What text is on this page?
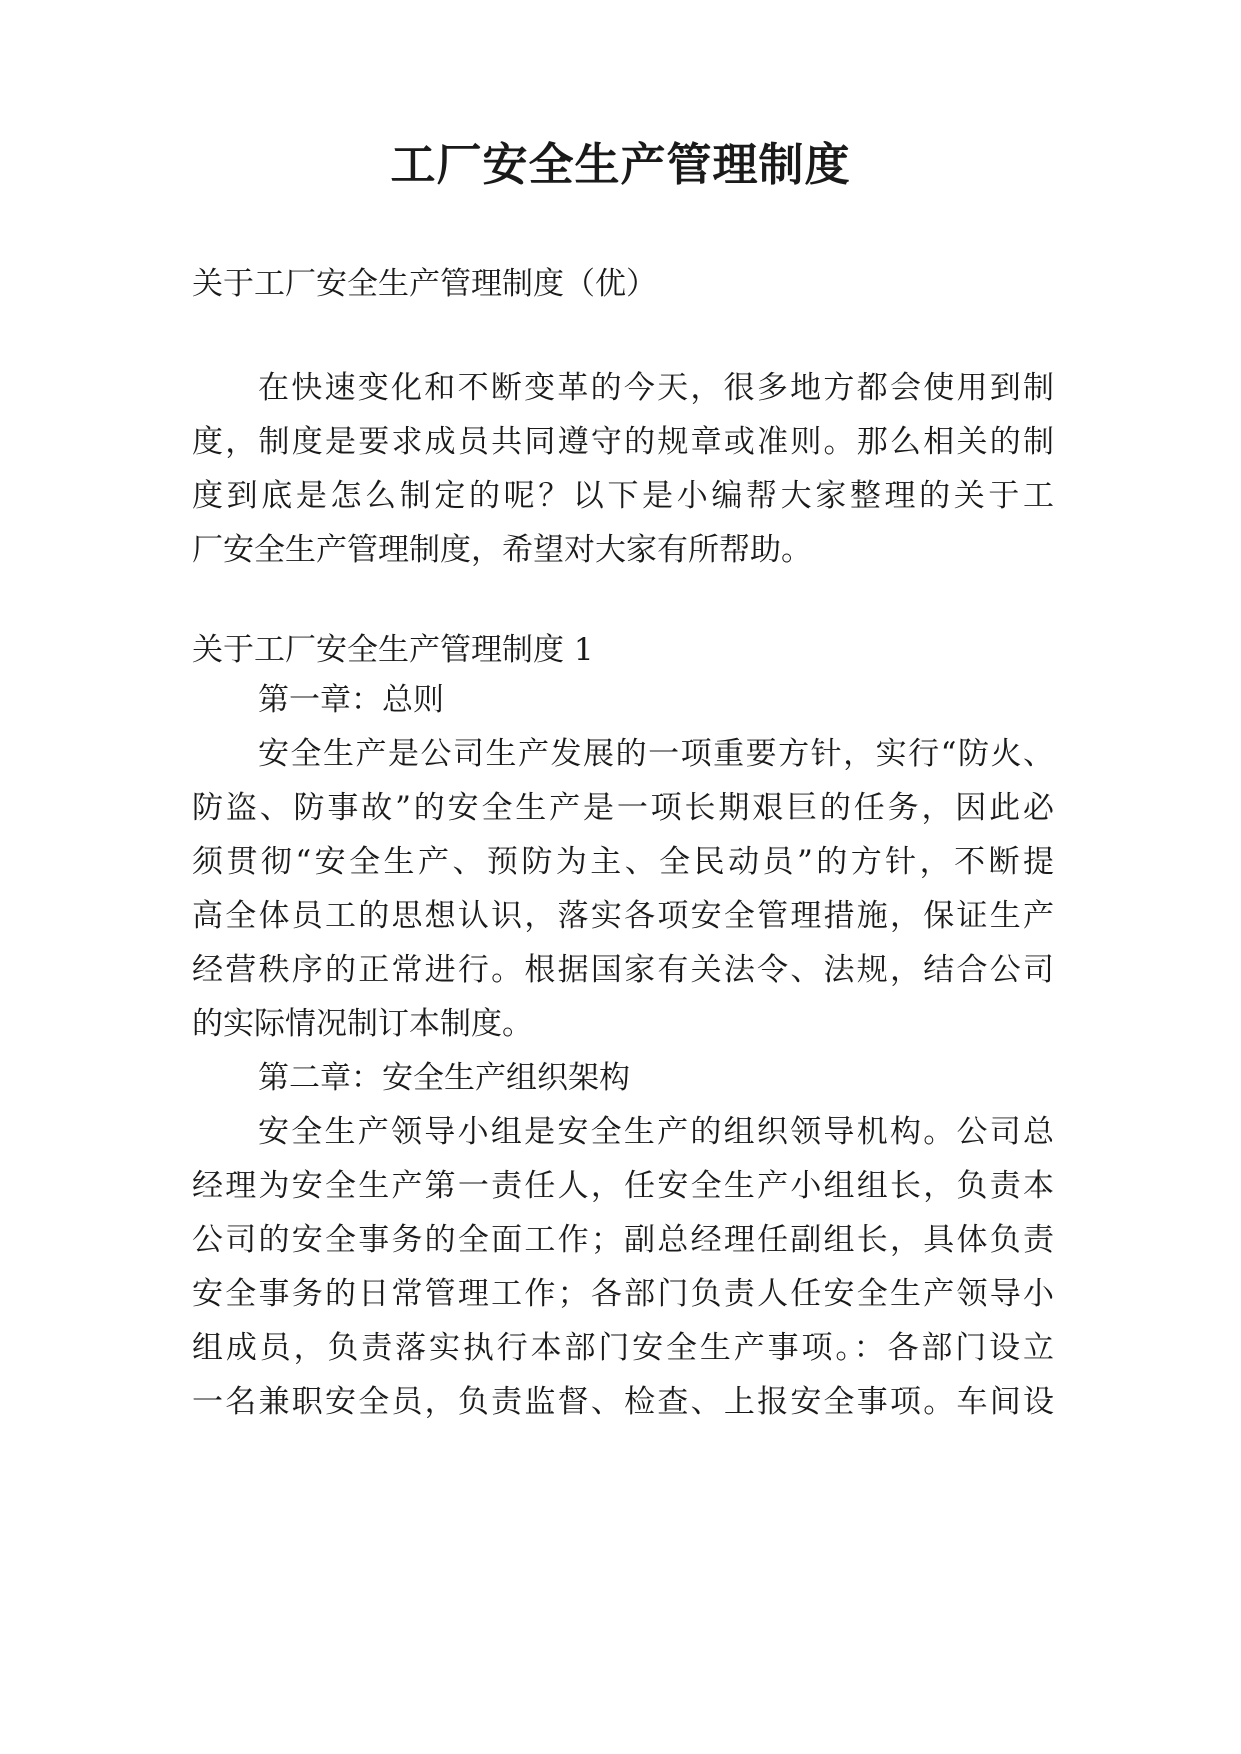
工厂安全生产管理制度
关于工厂安全生产管理制度（优）
在快速变化和不断变革的今天，很多地方都会使用到制
度，制度是要求成员共同遵守的规章或准则。那么相关的制
度到底是怎么制定的呢？以下是小编帮大家整理的关于工
厂安全生产管理制度，希望对大家有所帮助。
关于工厂安全生产管理制度 1
第一章：总则
安全生产是公司生产发展的一项重要方针，实行“防火、
防盗、防事故”的安全生产是一项长期艰巨的任务，因此必
须贯彻“安全生产、预防为主、全民动员”的方针，不断提
高全体员工的思想认识，落实各项安全管理措施，保证生产
经营秩序的正常进行。根据国家有关法令、法规，结合公司
的实际情况制订本制度。
第二章：安全生产组织架构
安全生产领导小组是安全生产的组织领导机构。公司总
经理为安全生产第一责任人，任安全生产小组组长，负责本
公司的安全事务的全面工作；副总经理任副组长，具体负责
安全事务的日常管理工作；各部门负责人任安全生产领导小
组成员，负责落实执行本部门安全生产事项。：各部门设立
一名兼职安全员，负责监督、检查、上报安全事项。车间设
